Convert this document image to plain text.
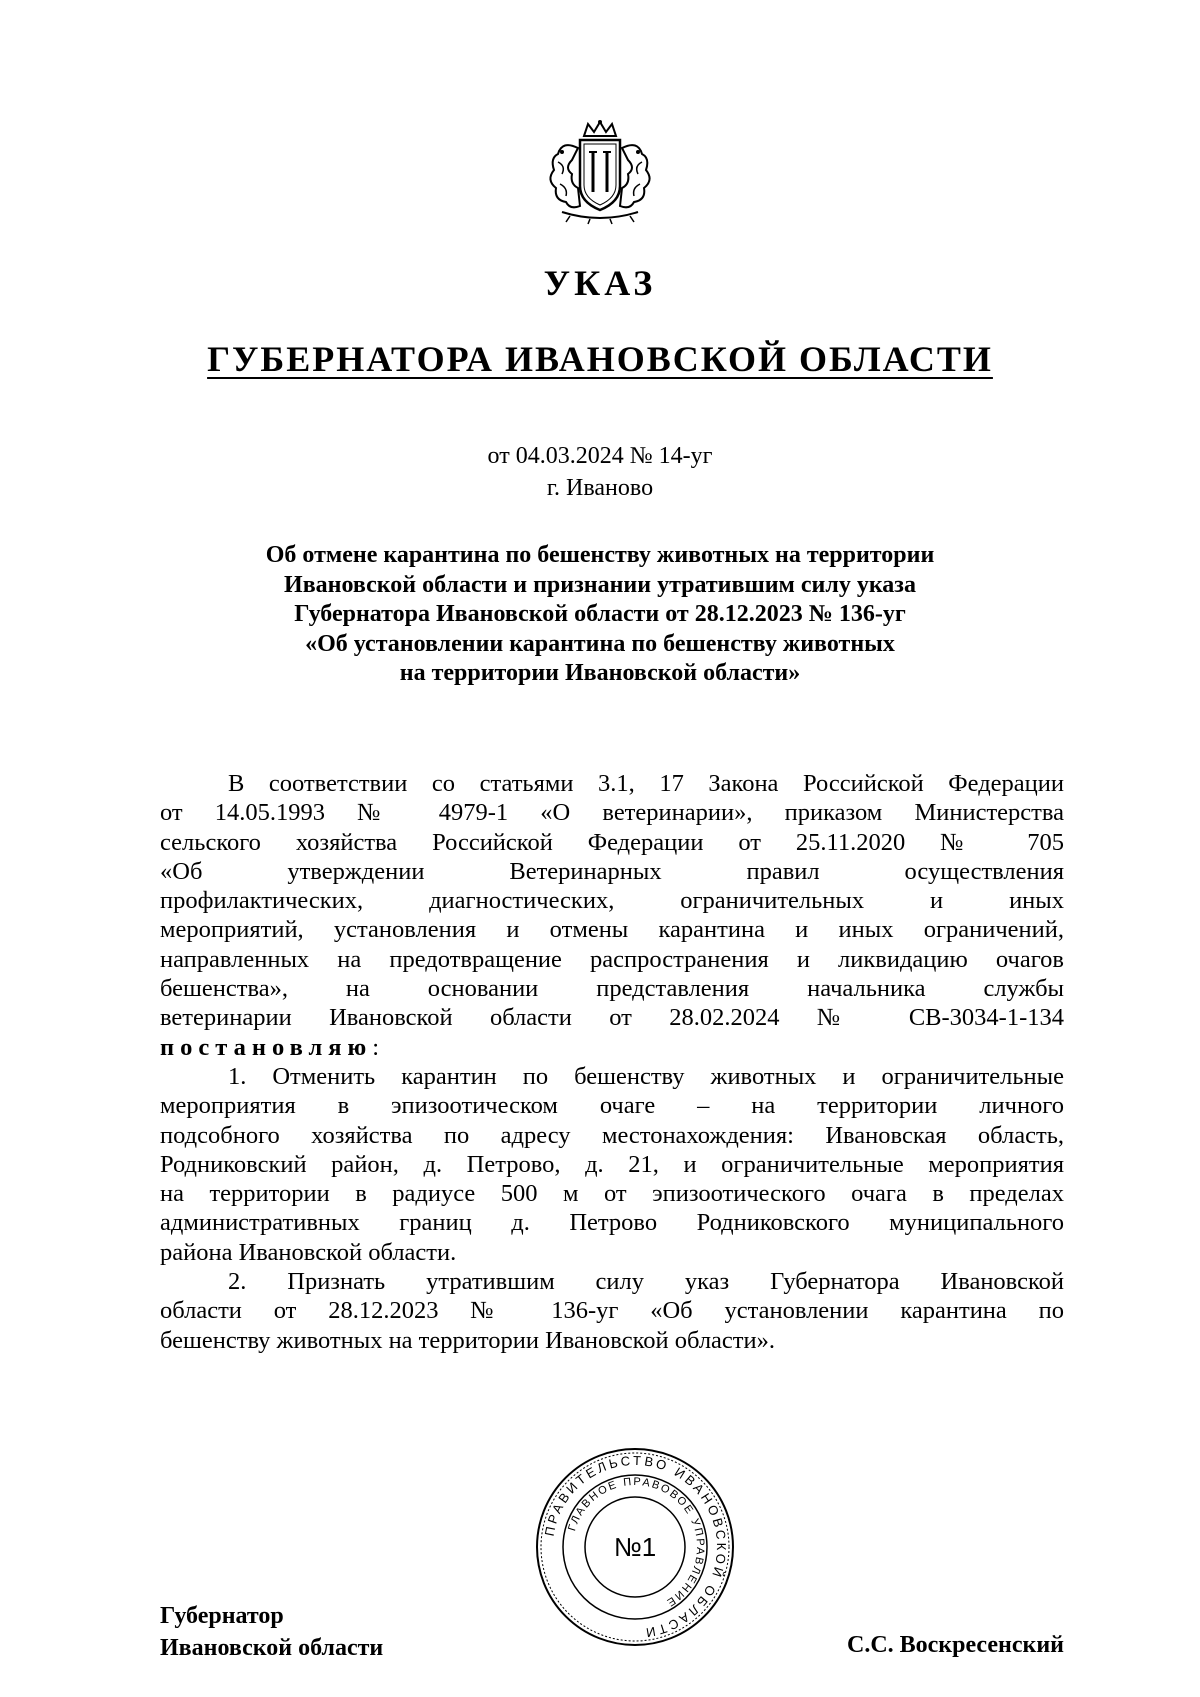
УКАЗ
ГУБЕРНАТОРА ИВАНОВСКОЙ ОБЛАСТИ
от 04.03.2024 № 14-уг
г. Иваново
Об отмене карантина по бешенству животных на территории
Ивановской области и признании утратившим силу указа
Губернатора Ивановской области от 28.12.2023 № 136-уг
«Об установлении карантина по бешенству животных
на территории Ивановской области»
В соответствии со статьями 3.1, 17 Закона Российской Федерации
от 14.05.1993 № 4979-1 «О ветеринарии», приказом Министерства
сельского хозяйства Российской Федерации от 25.11.2020 № 705
«Об утверждении Ветеринарных правил осуществления
профилактических, диагностических, ограничительных и иных
мероприятий, установления и отмены карантина и иных ограничений,
направленных на предотвращение распространения и ликвидацию очагов
бешенства», на основании представления начальника службы
ветеринарии Ивановской области от 28.02.2024 № СВ-3034-1-134
постановляю:
1. Отменить карантин по бешенству животных и ограничительные
мероприятия в эпизоотическом очаге – на территории личного
подсобного хозяйства по адресу местонахождения: Ивановская область,
Родниковский район, д. Петрово, д. 21, и ограничительные мероприятия
на территории в радиусе 500 м от эпизоотического очага в пределах
административных границ д. Петрово Родниковского муниципального
района Ивановской области.
2. Признать утратившим силу указ Губернатора Ивановской
области от 28.12.2023 № 136-уг «Об установлении карантина по
бешенству животных на территории Ивановской области».
ПРАВИТЕЛЬСТВО ИВАНОВСКОЙ ОБЛАСТИ
ГЛАВНОЕ ПРАВОВОЕ УПРАВЛЕНИЕ
№1
Губернатор
Ивановской области	С.С. Воскресенский
